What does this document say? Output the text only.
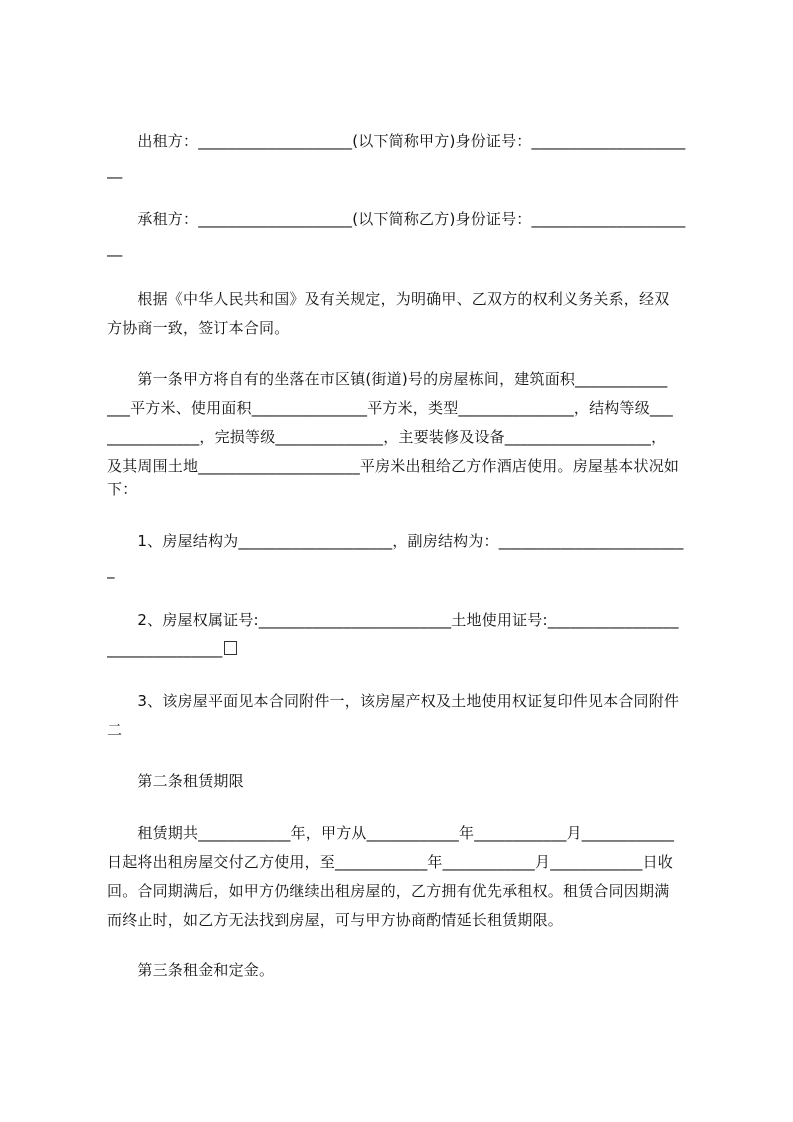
　　出租方：____________________(以下简称甲方)身份证号：____________________
__
　　承租方：____________________(以下简称乙方)身份证号：____________________
__
　　根据《中华人民共和国》及有关规定，为明确甲、乙双方的权利义务关系，经双
方协商一致，签订本合同。
　　第一条甲方将自有的坐落在市区镇(街道)号的房屋栋间，建筑面积____________
___平方米、使用面积_______________平方米，类型_______________，结构等级___
____________，完损等级______________，主要装修及设备___________________，
及其周围土地_____________________平房米出租给乙方作酒店使用。房屋基本状况如
下：
　　1、房屋结构为____________________，副房结构为：________________________
_
　　2、房屋权属证号:_________________________土地使用证号:_________________
_______________
　　3、该房屋平面见本合同附件一，该房屋产权及土地使用权证复印件见本合同附件
二
　　第二条租赁期限
　　租赁期共____________年，甲方从____________年____________月____________
日起将出租房屋交付乙方使用，至____________年____________月____________日收
回。合同期满后，如甲方仍继续出租房屋的，乙方拥有优先承租权。租赁合同因期满
而终止时，如乙方无法找到房屋，可与甲方协商酌情延长租赁期限。
　　第三条租金和定金。
